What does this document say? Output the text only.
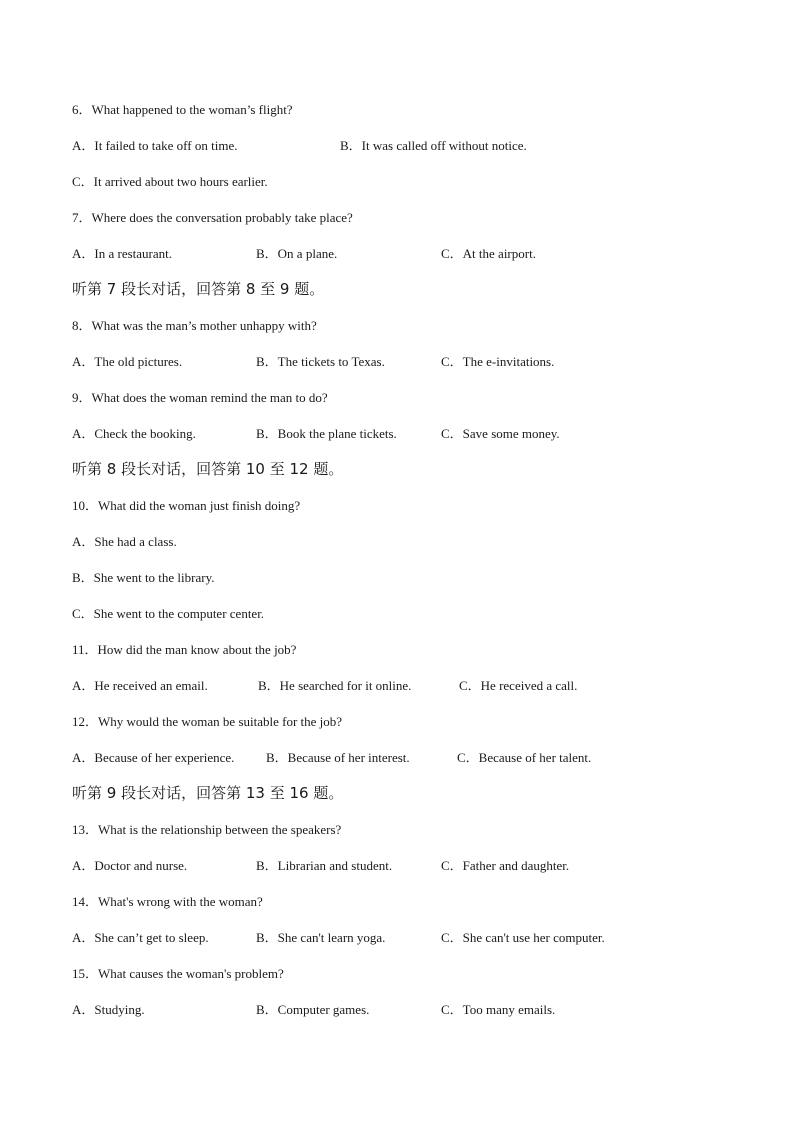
6．What happened to the woman’s flight?
A．It failed to take off on time.	B．It was called off without notice.
C．It arrived about two hours earlier.
7．Where does the conversation probably take place?
A．In a restaurant.	B．On a plane.	C．At the airport.
听第 7 段长对话，回答第 8 至 9 题。
8．What was the man’s mother unhappy with?
A．The old pictures.	B．The tickets to Texas.	C．The e-invitations.
9．What does the woman remind the man to do?
A．Check the booking.	B．Book the plane tickets.	C．Save some money.
听第 8 段长对话，回答第 10 至 12 题。
10．What did the woman just finish doing?
A．She had a class.
B．She went to the library.
C．She went to the computer center.
11．How did the man know about the job?
A．He received an email.	B．He searched for it online.	C．He received a call.
12．Why would the woman be suitable for the job?
A．Because of her experience. B．Because of her interest.	C．Because of her talent.
听第 9 段长对话，回答第 13 至 16 题。
13．What is the relationship between the speakers?
A．Doctor and nurse.	B．Librarian and student.	C．Father and daughter.
14．What's wrong with the woman?
A．She can’t get to sleep.	B．She can't learn yoga.	C．She can't use her computer.
15．What causes the woman's problem?
A．Studying.	B．Computer games.	C．Too many emails.
